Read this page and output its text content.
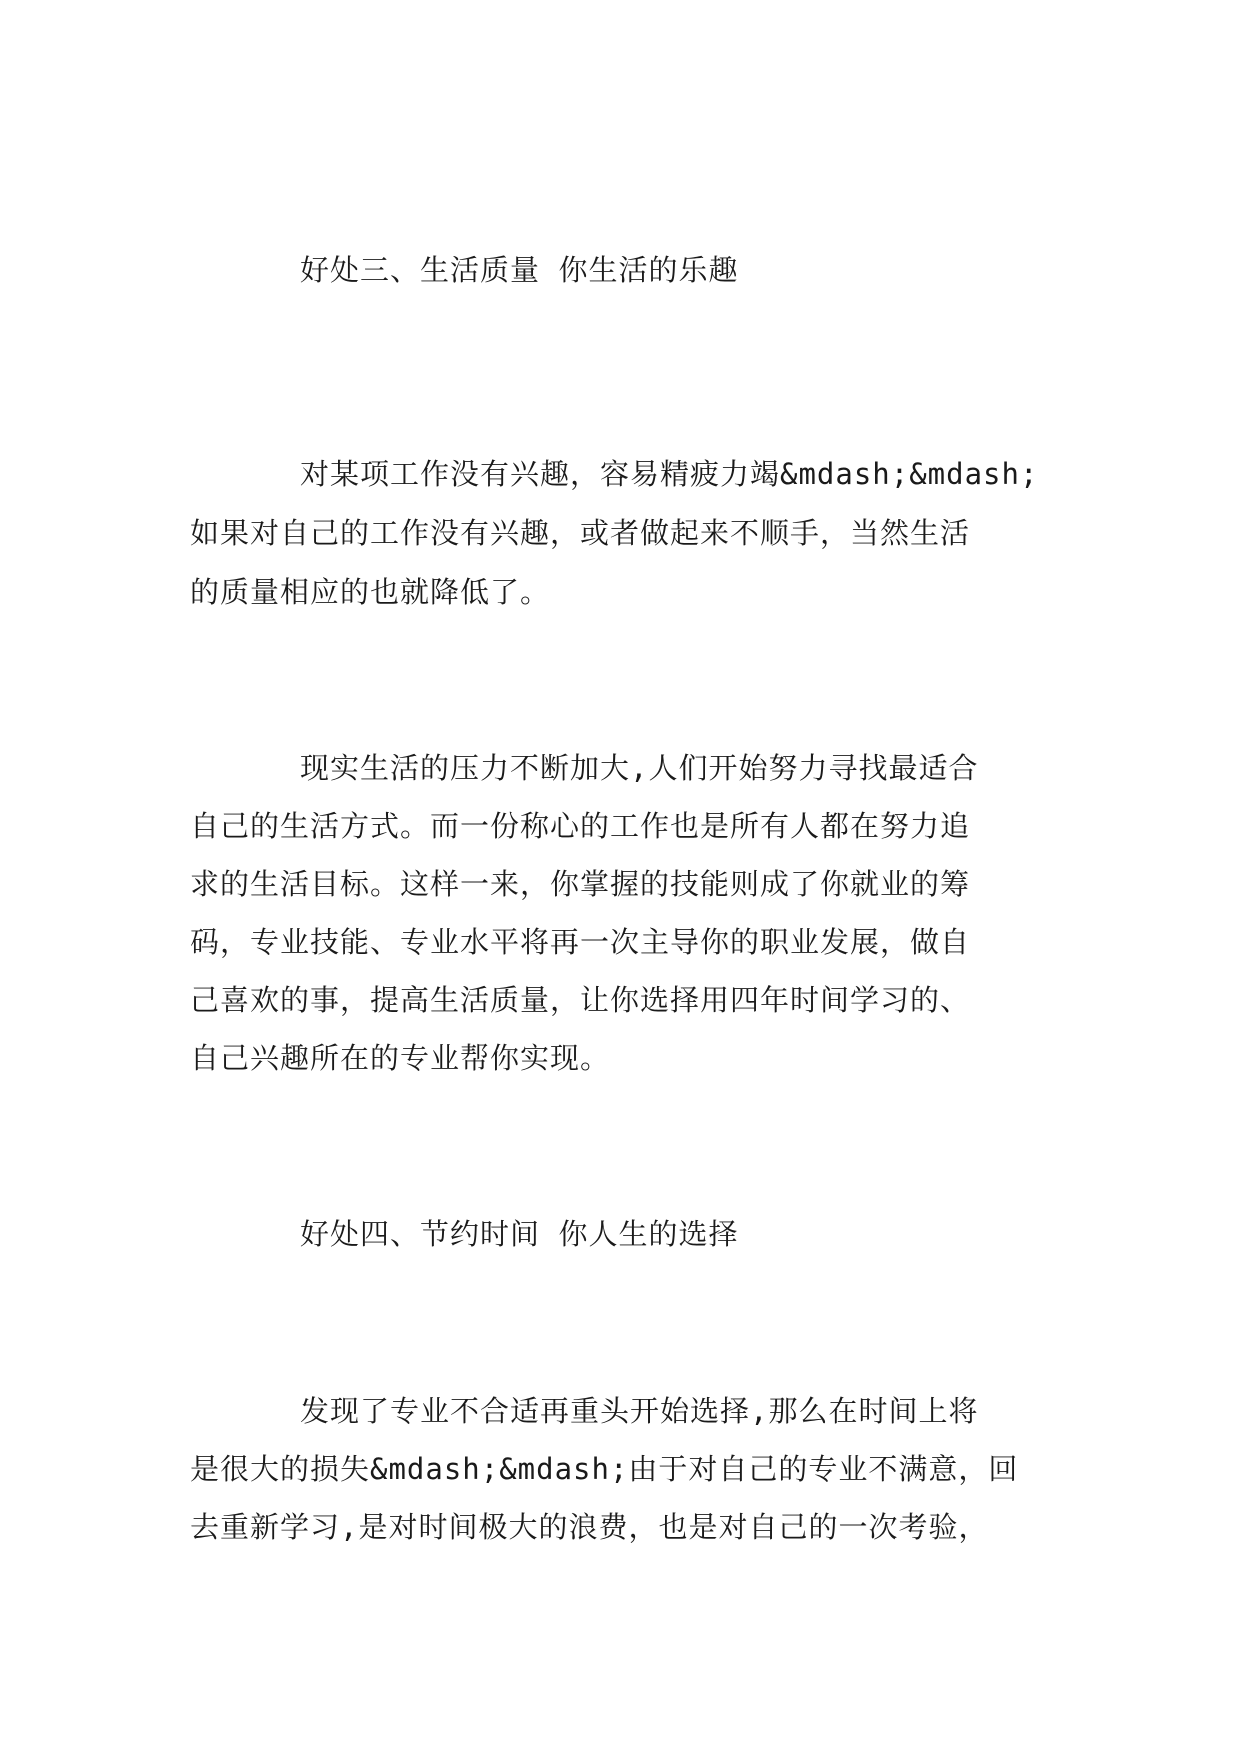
好处三、生活质量 你生活的乐趣
对某项工作没有兴趣，容易精疲力竭&mdash;&mdash;
如果对自己的工作没有兴趣，或者做起来不顺手，当然生活
的质量相应的也就降低了。
现实生活的压力不断加大,人们开始努力寻找最适合
自己的生活方式。而一份称心的工作也是所有人都在努力追
求的生活目标。这样一来，你掌握的技能则成了你就业的筹
码，专业技能、专业水平将再一次主导你的职业发展，做自
己喜欢的事，提高生活质量，让你选择用四年时间学习的、
自己兴趣所在的专业帮你实现。
好处四、节约时间 你人生的选择
发现了专业不合适再重头开始选择,那么在时间上将
是很大的损失&mdash;&mdash;由于对自己的专业不满意，回
去重新学习,是对时间极大的浪费，也是对自己的一次考验，
